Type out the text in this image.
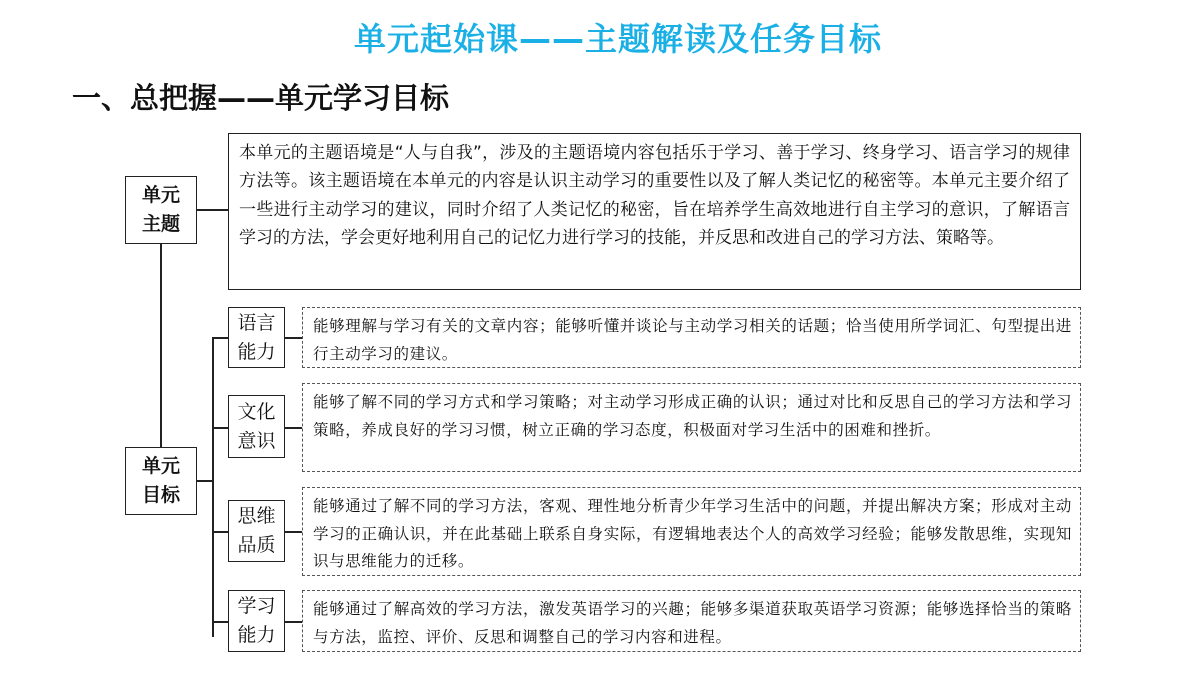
单元起始课——主题解读及任务目标
一、总把握——单元学习目标
单元
主题
本单元的主题语境是“人与自我”，涉及的主题语境内容包括乐于学习、善于学习、终身学习、语言学习的规律方法等。该主题语境在本单元的内容是认识主动学习的重要性以及了解人类记忆的秘密等。本单元主要介绍了一些进行主动学习的建议，同时介绍了人类记忆的秘密，旨在培养学生高效地进行自主学习的意识，了解语言学习的方法，学会更好地利用自己的记忆力进行学习的技能，并反思和改进自己的学习方法、策略等。
单元
目标
语言
能力
能够理解与学习有关的文章内容；能够听懂并谈论与主动学习相关的话题；恰当使用所学词汇、句型提出进行主动学习的建议。
文化
意识
能够了解不同的学习方式和学习策略；对主动学习形成正确的认识；通过对比和反思自己的学习方法和学习策略，养成良好的学习习惯，树立正确的学习态度，积极面对学习生活中的困难和挫折。
思维
品质
能够通过了解不同的学习方法，客观、理性地分析青少年学习生活中的问题，并提出解决方案；形成对主动学习的正确认识，并在此基础上联系自身实际，有逻辑地表达个人的高效学习经验；能够发散思维，实现知识与思维能力的迁移。
学习
能力
能够通过了解高效的学习方法，激发英语学习的兴趣；能够多渠道获取英语学习资源；能够选择恰当的策略与方法，监控、评价、反思和调整自己的学习内容和进程。
